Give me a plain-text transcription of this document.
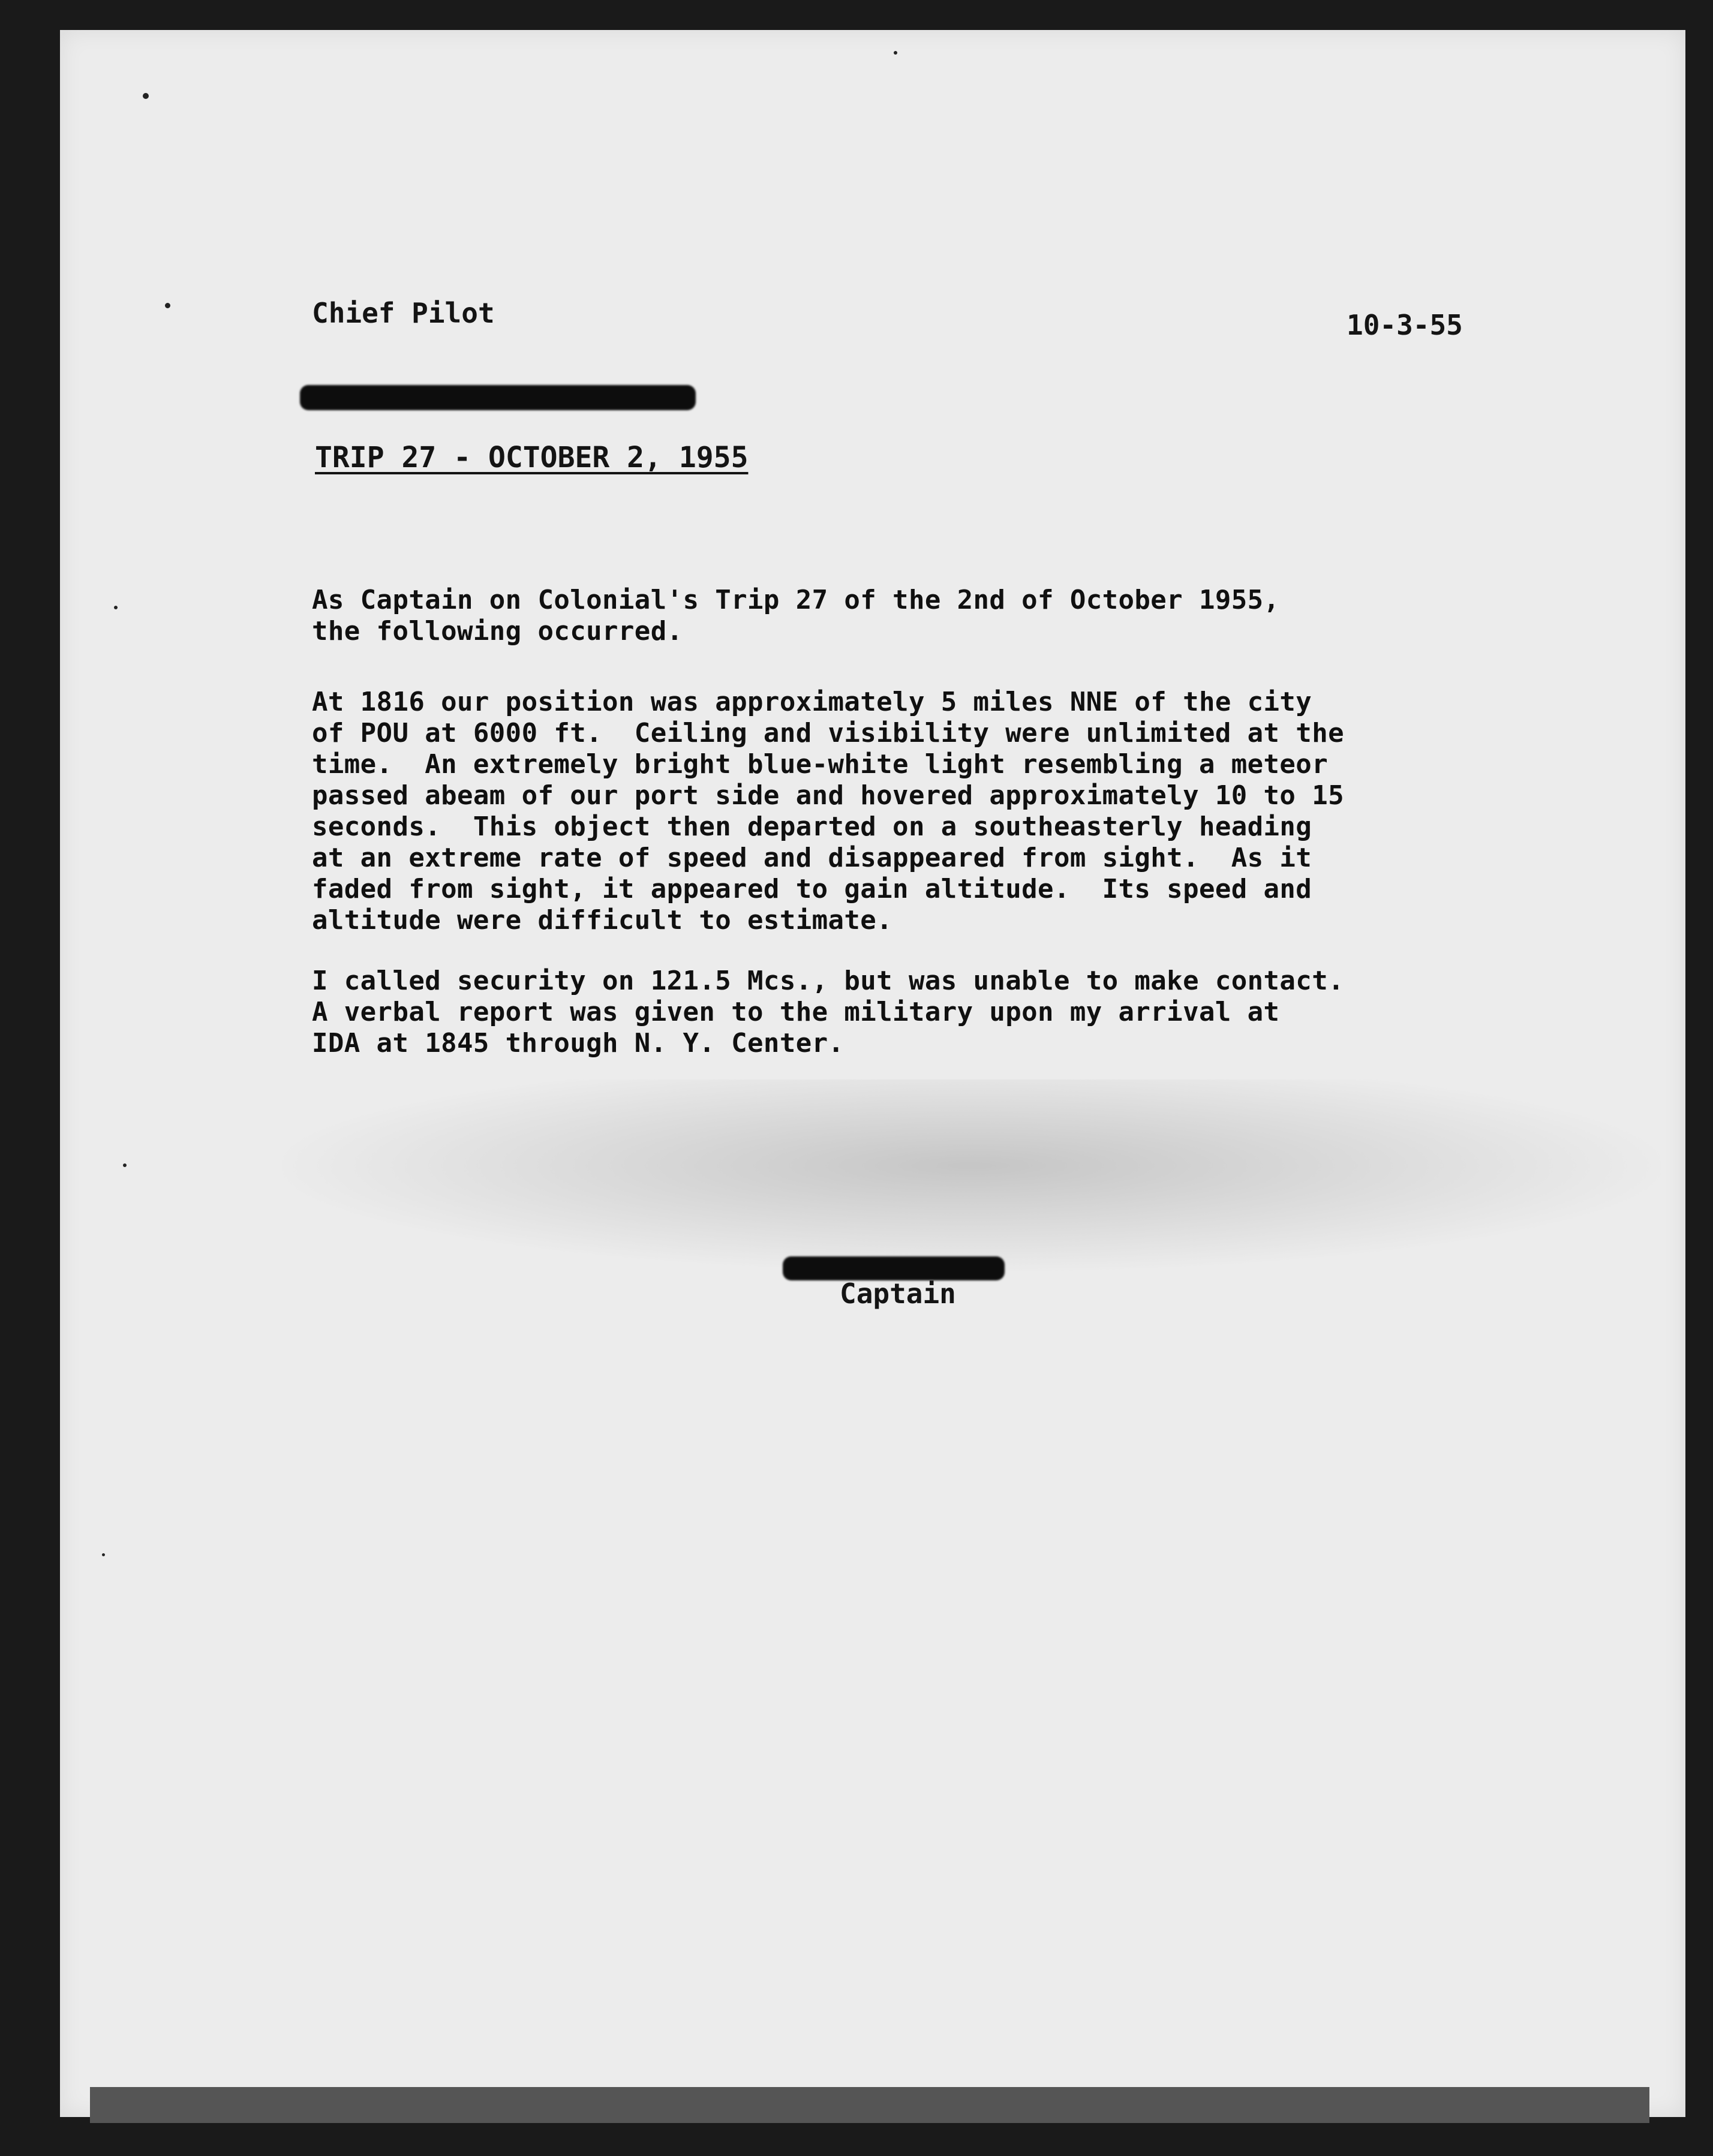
Chief Pilot	10-3-55
TRIP 27 - OCTOBER 2, 1955
As Captain on Colonial's Trip 27 of the 2nd of October 1955,
the following occurred.
At 1816 our position was approximately 5 miles NNE of the city
of POU at 6000 ft.  Ceiling and visibility were unlimited at the
time.  An extremely bright blue-white light resembling a meteor
passed abeam of our port side and hovered approximately 10 to 15
seconds.  This object then departed on a southeasterly heading
at an extreme rate of speed and disappeared from sight.  As it
faded from sight, it appeared to gain altitude.  Its speed and
altitude were difficult to estimate.
I called security on 121.5 Mcs., but was unable to make contact.
A verbal report was given to the military upon my arrival at
IDA at 1845 through N. Y. Center.
Captain
